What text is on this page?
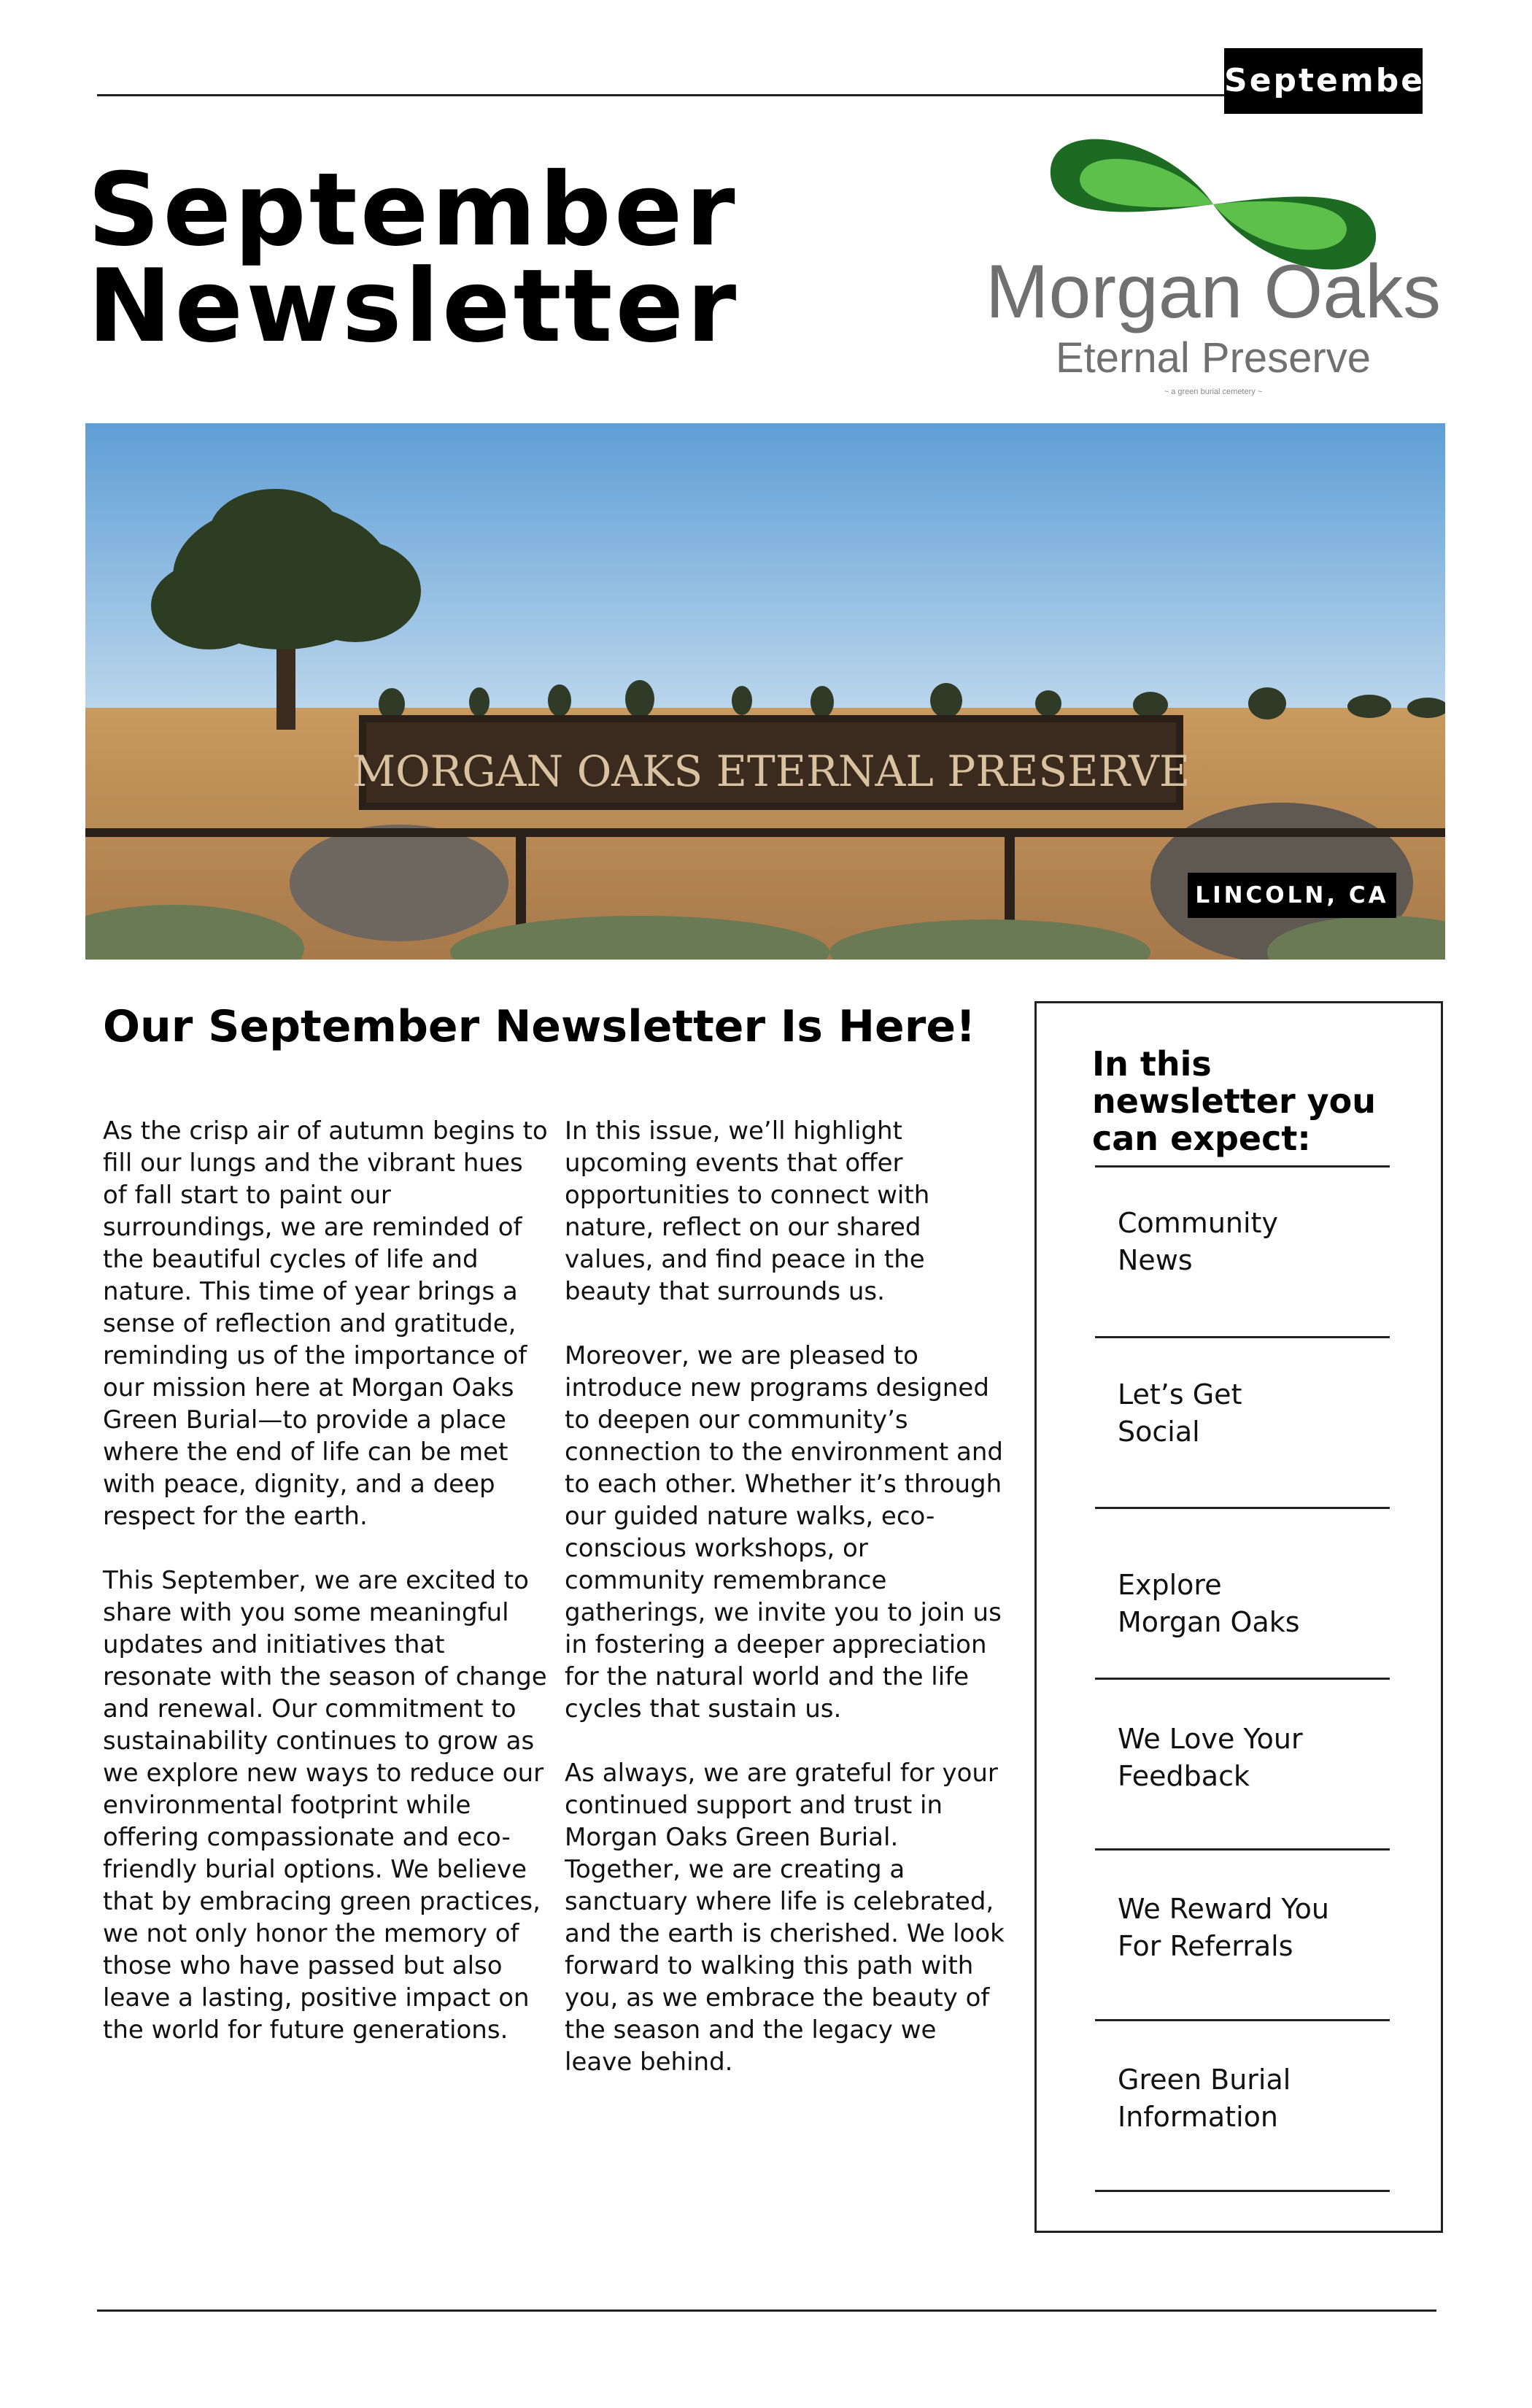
September‘24
September
Newsletter	Morgan Oaks
Eternal Preserve
~ a green burial cemetery ~
MORGAN OAKS ETERNAL PRESERVE
LINCOLN, CA
Our September Newsletter Is Here!

As the crisp air of autumn begins to fill our lungs and the vibrant hues of fall start to paint our surroundings, we are reminded of the beautiful cycles of life and nature. This time of year brings a sense of reflection and gratitude, reminding us of the importance of our mission here at Morgan Oaks Green Burial—to provide a place where the end of life can be met with peace, dignity, and a deep respect for the earth.

This September, we are excited to share with you some meaningful updates and initiatives that resonate with the season of change and renewal. Our commitment to sustainability continues to grow as we explore new ways to reduce our environmental footprint while offering compassionate and eco-friendly burial options. We believe that by embracing green practices, we not only honor the memory of those who have passed but also leave a lasting, positive impact on the world for future generations.

In this issue, we’ll highlight upcoming events that offer opportunities to connect with nature, reflect on our shared values, and find peace in the beauty that surrounds us.

Moreover, we are pleased to introduce new programs designed to deepen our community’s connection to the environment and to each other. Whether it’s through our guided nature walks, eco-conscious workshops, or community remembrance gatherings, we invite you to join us in fostering a deeper appreciation for the natural world and the life cycles that sustain us.

As always, we are grateful for your continued support and trust in Morgan Oaks Green Burial. Together, we are creating a sanctuary where life is celebrated, and the earth is cherished. We look forward to walking this path with you, as we embrace the beauty of the season and the legacy we leave behind.

In this newsletter you can expect:
Community
News
Let’s Get
Social
Explore
Morgan Oaks
We Love Your
Feedback
We Reward You
For Referrals
Green Burial
Information
